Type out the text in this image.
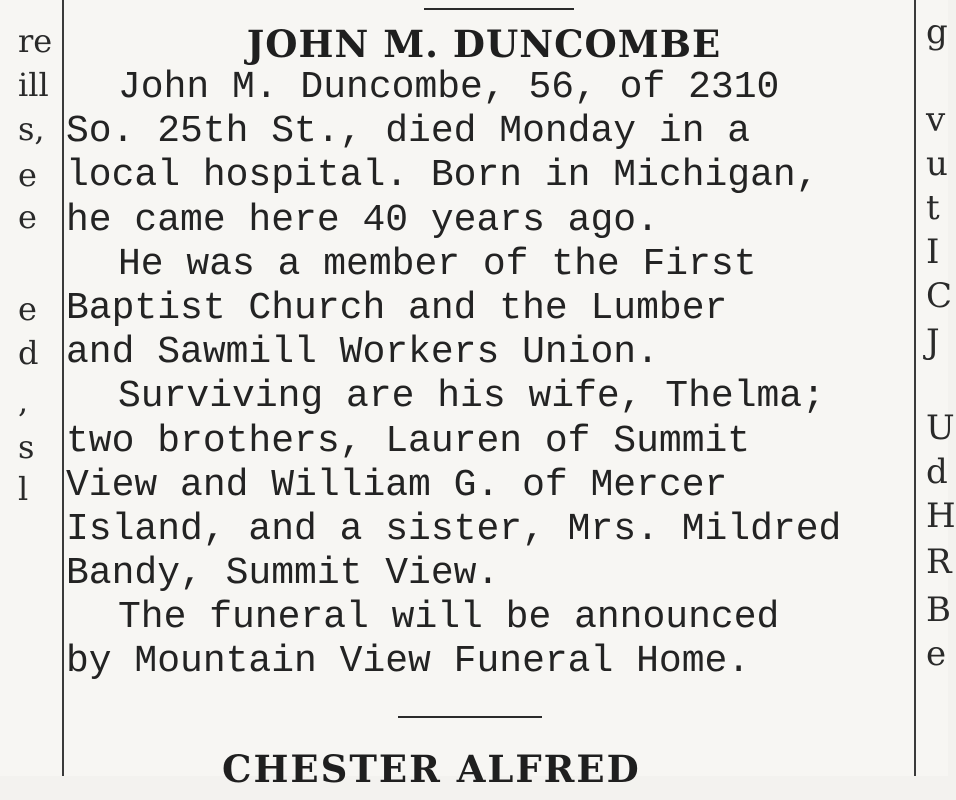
re
ill
s,
e
e
e
d
,
s
l
JOHN M. DUNCOMBE
John M. Duncombe, 56, of 2310
So. 25th St., died Monday in a
local hospital. Born in Michigan,
he came here 40 years ago.
He was a member of the First
Baptist Church and the Lumber
and Sawmill Workers Union.
Surviving are his wife, Thelma;
two brothers, Lauren of Summit
View and William G. of Mercer
Island, and a sister, Mrs. Mildred
Bandy, Summit View.
The funeral will be announced
by Mountain View Funeral Home.
CHESTER ALFRED
g
v
u
t
I
C
J
U
d
H
R
B
e
